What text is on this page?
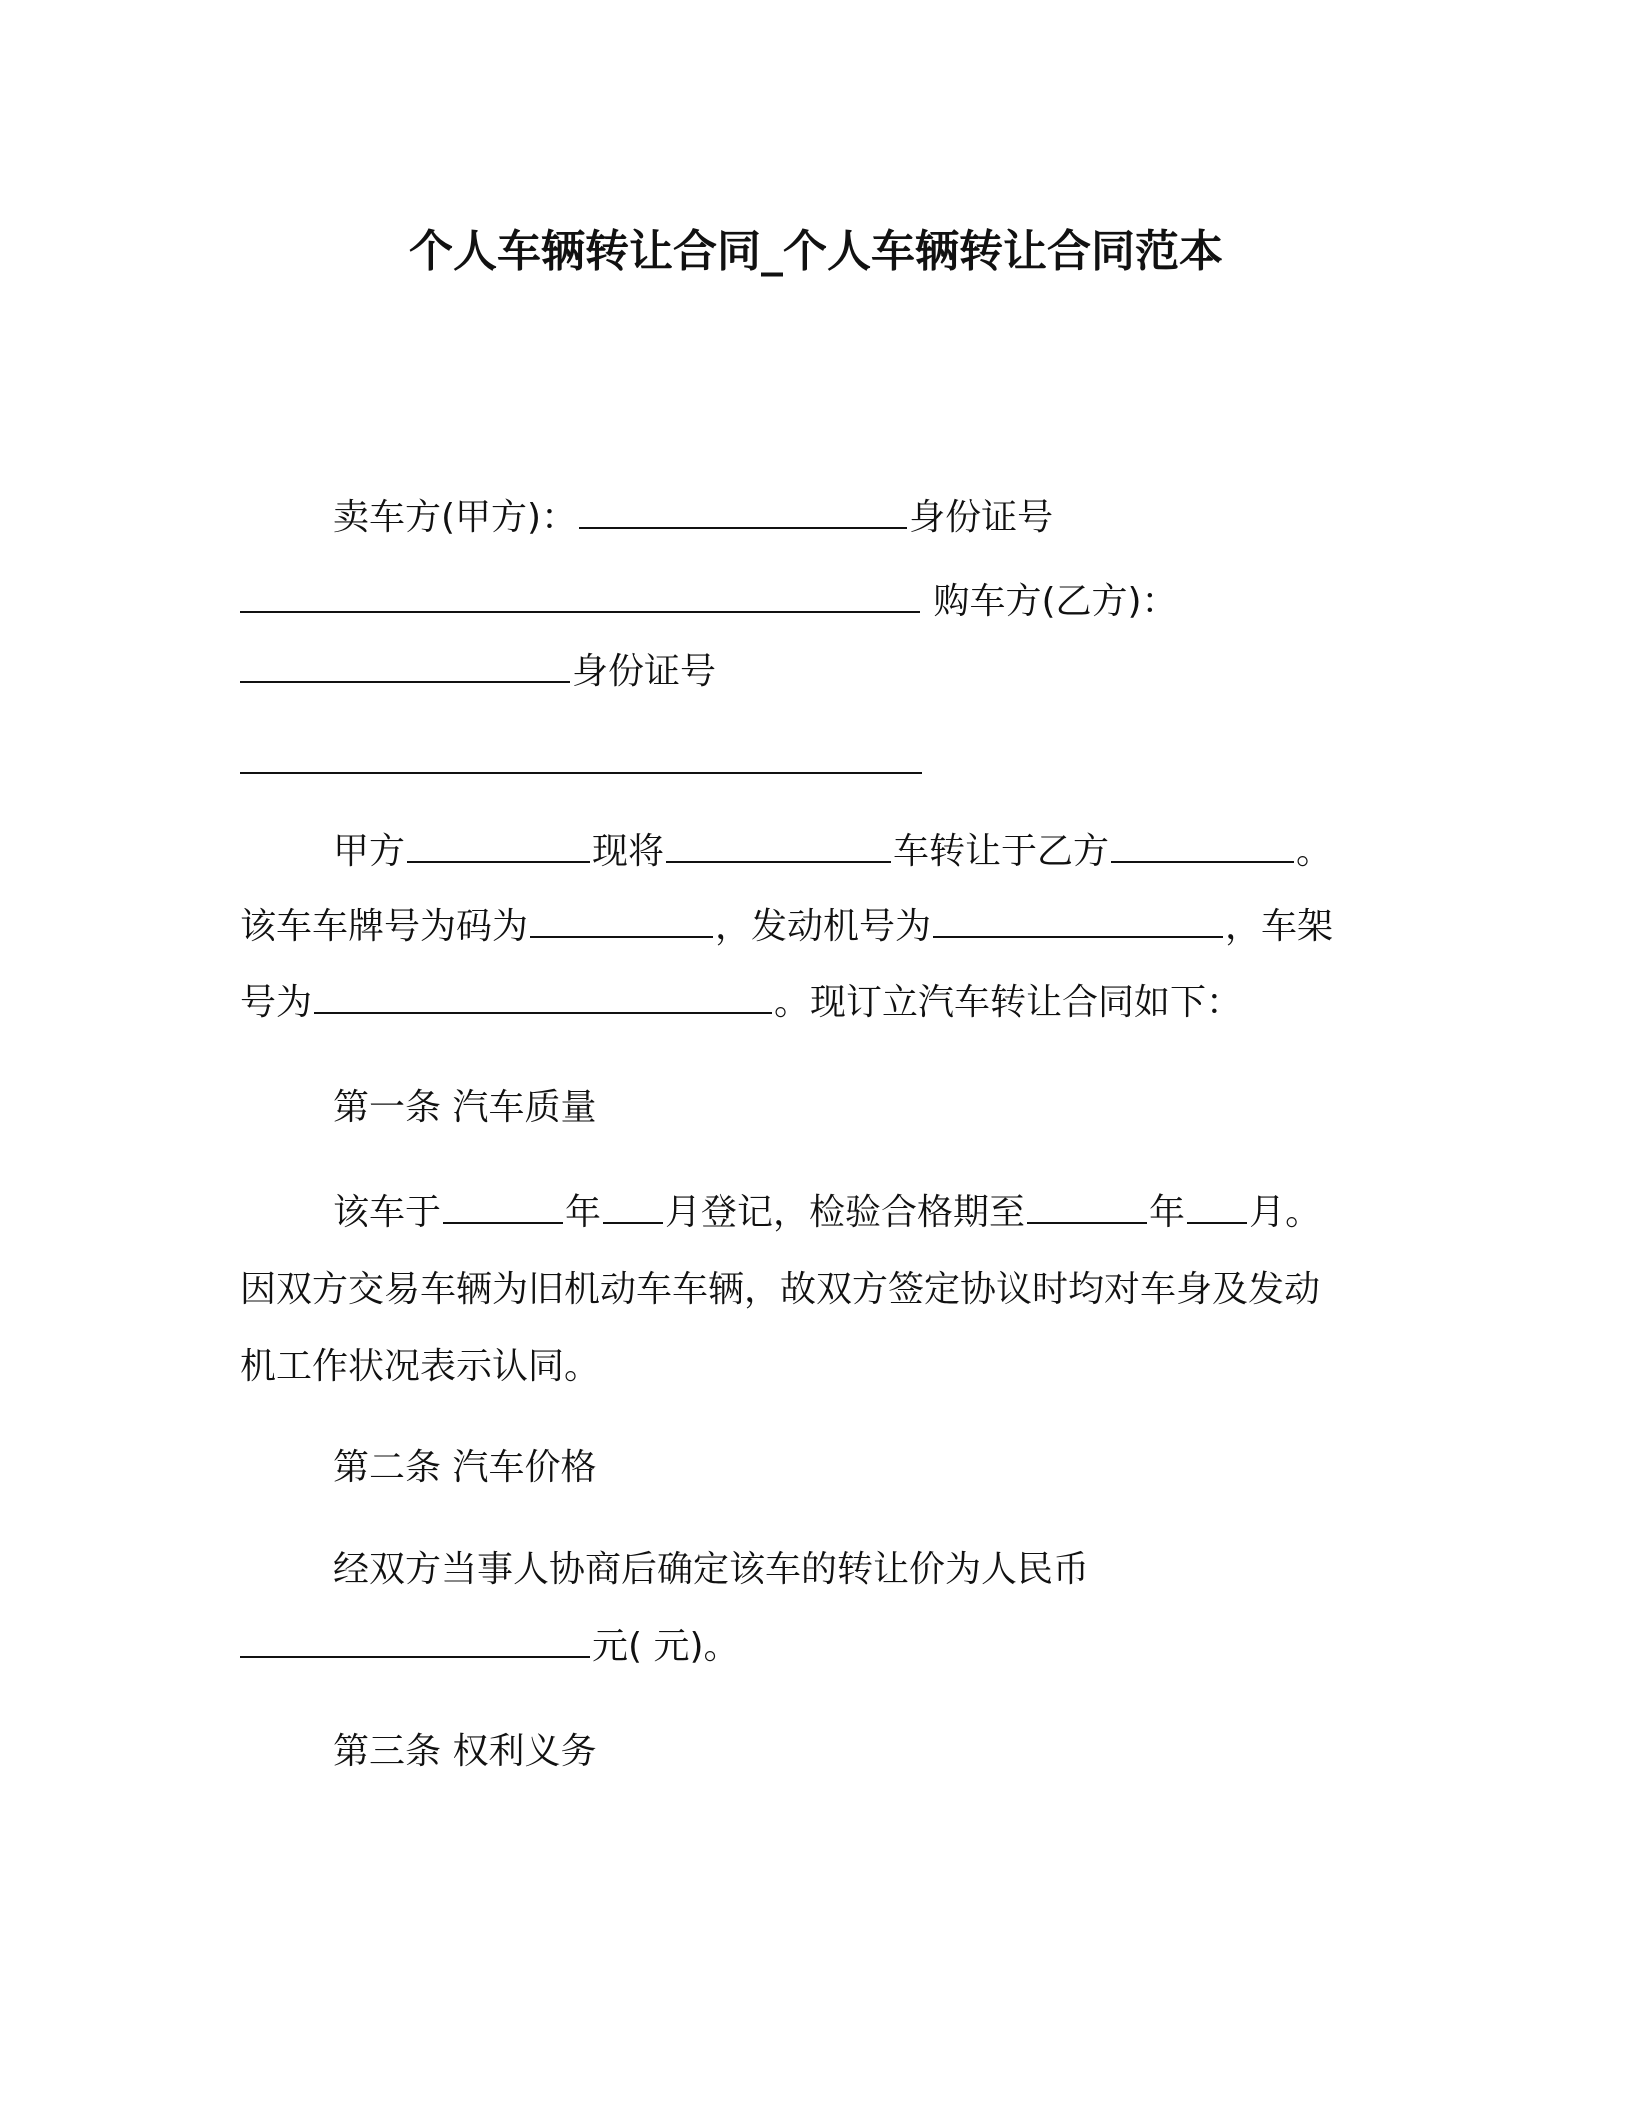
个人车辆转让合同_个人车辆转让合同范本
卖车方(甲方)：	身份证号
购车方(乙方)：
身份证号
甲方	现将	车转让于乙方	。
该车车牌号为码为	，发动机号为	，车架
号为	。现订立汽车转让合同如下：
第一条 汽车质量
该车于	年 月登记，检验合格期至	年 月。
因双方交易车辆为旧机动车车辆，故双方签定协议时均对车身及发动
机工作状况表示认同。
第二条 汽车价格
经双方当事人协商后确定该车的转让价为人民币
元( 元)。
第三条 权利义务
